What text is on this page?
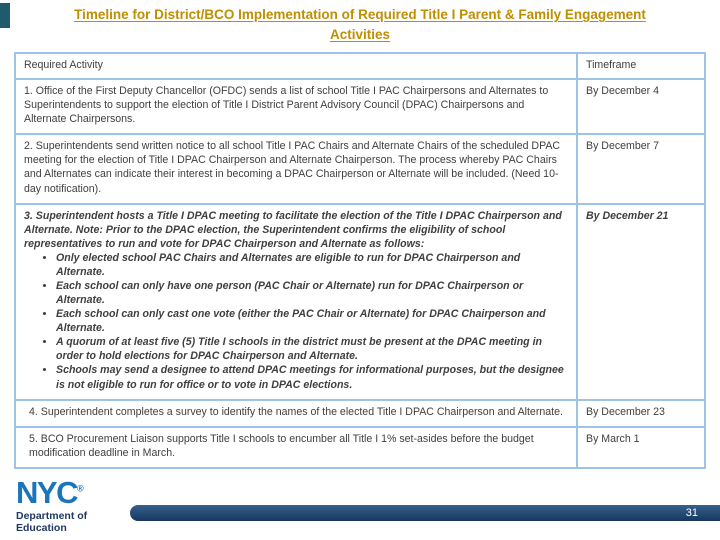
Timeline for District/BCO Implementation of Required Title I Parent & Family Engagement
Activities
Required Activity	Timeframe
1. Office of the First Deputy Chancellor (OFDC) sends a list of school Title I PAC Chairpersons and Alternates to Superintendents to support the election of Title I District Parent Advisory Council (DPAC) Chairpersons and Alternate Chairpersons.
By December 4
2. Superintendents send written notice to all school Title I PAC Chairs and Alternate Chairs of the scheduled DPAC meeting for the election of Title I DPAC Chairperson and Alternate Chairperson. The process whereby PAC Chairs and Alternates can indicate their interest in becoming a DPAC Chairperson or Alternate will be included. (Need 10-day notification).
By December 7
3. Superintendent hosts a Title I DPAC meeting to facilitate the election of the Title I DPAC Chairperson and Alternate. Note: Prior to the DPAC election, the Superintendent confirms the eligibility of school representatives to run and vote for DPAC Chairperson and Alternate as follows:
• Only elected school PAC Chairs and Alternates are eligible to run for DPAC Chairperson and Alternate.
• Each school can only have one person (PAC Chair or Alternate) run for DPAC Chairperson or Alternate.
• Each school can only cast one vote (either the PAC Chair or Alternate) for DPAC Chairperson and Alternate.
• A quorum of at least five (5) Title I schools in the district must be present at the DPAC meeting in order to hold elections for DPAC Chairperson and Alternate.
• Schools may send a designee to attend DPAC meetings for informational purposes, but the designee is not eligible to run for office or to vote in DPAC elections.
By December 21
4. Superintendent completes a survey to identify the names of the elected Title I DPAC Chairperson and Alternate.	By December 23
5. BCO Procurement Liaison supports Title I schools to encumber all Title I 1% set-asides before the budget modification deadline in March.
By March 1
NYC®
Department of
Education
31
